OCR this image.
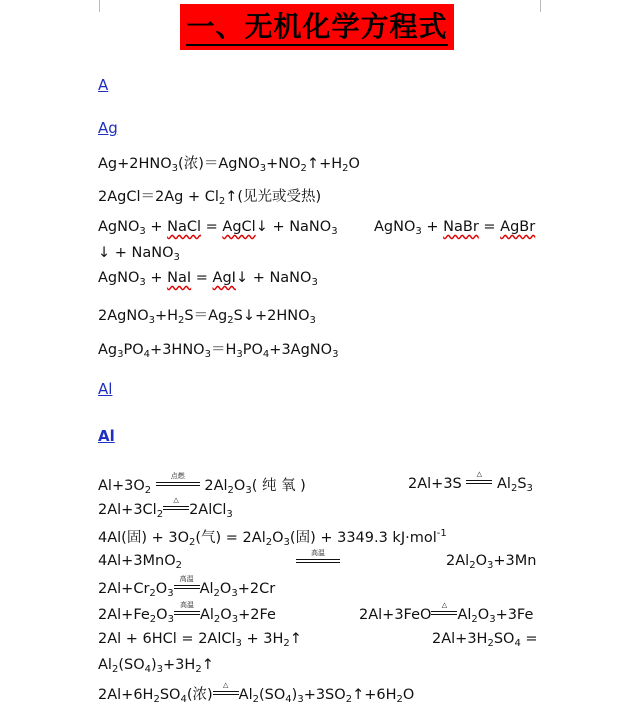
一、无机化学方程式
A
Ag
$Ag+2HNO_3$(浓)$=AgNO_3+NO_2↑+H_2O$
2AgCl＝2Ag + $Cl_2↑$(见光或受热)
AgNO$_3$ + NaCl = AgCl↓ + NaNO$_3$	AgNO$_3$ + NaBr = AgBr
↓ + NaNO$_3$
AgNO$_3$ + NaI = AgI↓ + NaNO$_3$
$2AgNO_3+H_2S=Ag_2S↓+2HNO_3$
$Ag_3PO_4+3HNO_3=H_3PO_4+3AgNO_3$
Al
Al
$Al+3O_2$
点燃
$2Al_2O_3$( 纯 氧 )	2Al+3S
△
$Al_2S_3$
$2Al+3Cl_2$
△
2AlCl$_3$
4Al(固) + $3O_2$(气) = $2Al_2O_3$(固) + 3349.3 kJ·mol$^{-1}$
4Al+3MnO$_2$
高温	$2Al_2O_3+3Mn$
$2Al+Cr_2O_3$
高温
$Al_2O_3+2Cr$
$2Al+Fe_2O_3$
高温
$Al_2O_3+2Fe$	2Al+3FeO
△
$Al_2O_3+3Fe$
2Al + 6HCl = 2AlCl$_3$ + $3H_2↑$	$2Al+3H_2SO_4$ =
$Al_2(SO_4)_3+3H_2↑$
$2Al+6H_2SO_4$(浓)
△
$Al_2(SO_4)_3+3SO_2↑+6H_2O$
